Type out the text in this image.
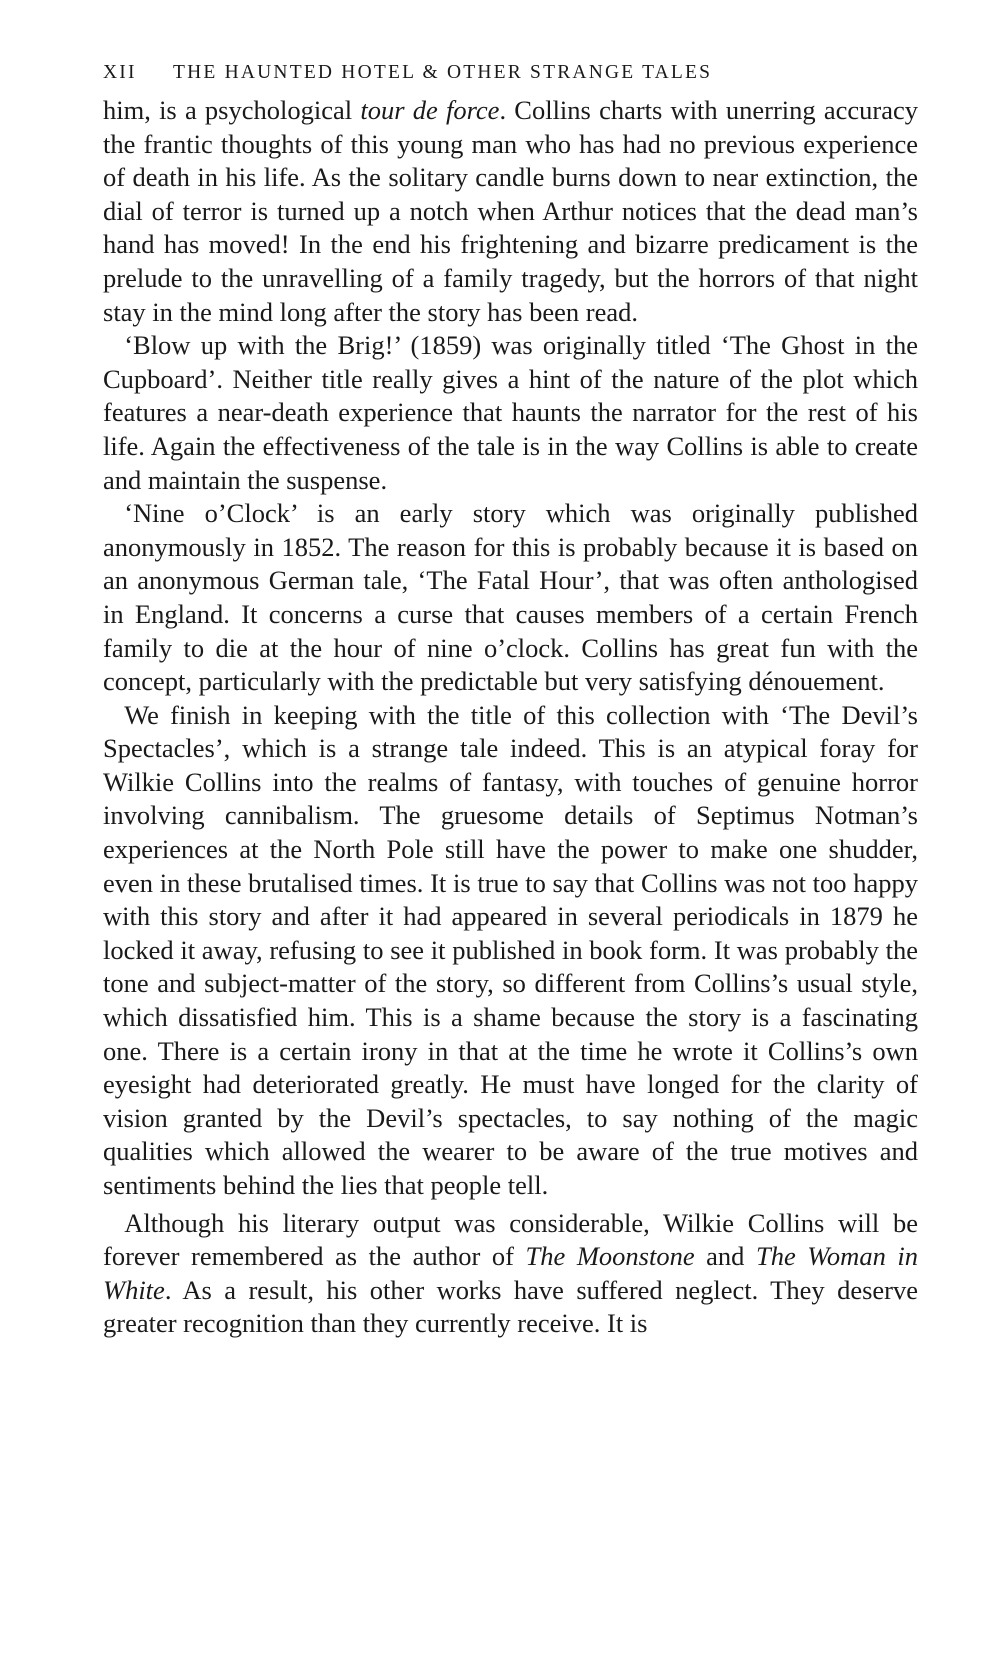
XII THE HAUNTED HOTEL & OTHER STRANGE TALES

him, is a psychological tour de force. Collins charts with unerring accuracy the frantic thoughts of this young man who has had no previous experience of death in his life. As the solitary candle burns down to near extinction, the dial of terror is turned up a notch when Arthur notices that the dead man’s hand has moved! In the end his frightening and bizarre predicament is the prelude to the unravelling of a family tragedy, but the horrors of that night stay in the mind long after the story has been read.

‘Blow up with the Brig!’ (1859) was originally titled ‘The Ghost in the Cupboard’. Neither title really gives a hint of the nature of the plot which features a near-death experience that haunts the narrator for the rest of his life. Again the effectiveness of the tale is in the way Collins is able to create and maintain the suspense.

‘Nine o’Clock’ is an early story which was originally published anonymously in 1852. The reason for this is probably because it is based on an anonymous German tale, ‘The Fatal Hour’, that was often anthologised in England. It concerns a curse that causes members of a certain French family to die at the hour of nine o’clock. Collins has great fun with the concept, particularly with the predictable but very satisfying dénouement.

We finish in keeping with the title of this collection with ‘The Devil’s Spectacles’, which is a strange tale indeed. This is an atypical foray for Wilkie Collins into the realms of fantasy, with touches of genuine horror involving cannibalism. The gruesome details of Septimus Notman’s experiences at the North Pole still have the power to make one shudder, even in these brutalised times. It is true to say that Collins was not too happy with this story and after it had appeared in several periodicals in 1879 he locked it away, refusing to see it published in book form. It was probably the tone and subject-matter of the story, so different from Collins’s usual style, which dissatisfied him. This is a shame because the story is a fascinating one. There is a certain irony in that at the time he wrote it Collins’s own eyesight had deteriorated greatly. He must have longed for the clarity of vision granted by the Devil’s spectacles, to say nothing of the magic qualities which allowed the wearer to be aware of the true motives and sentiments behind the lies that people tell.

Although his literary output was considerable, Wilkie Collins will be forever remembered as the author of The Moonstone and The Woman in White. As a result, his other works have suffered neglect. They deserve greater recognition than they currently receive. It is
